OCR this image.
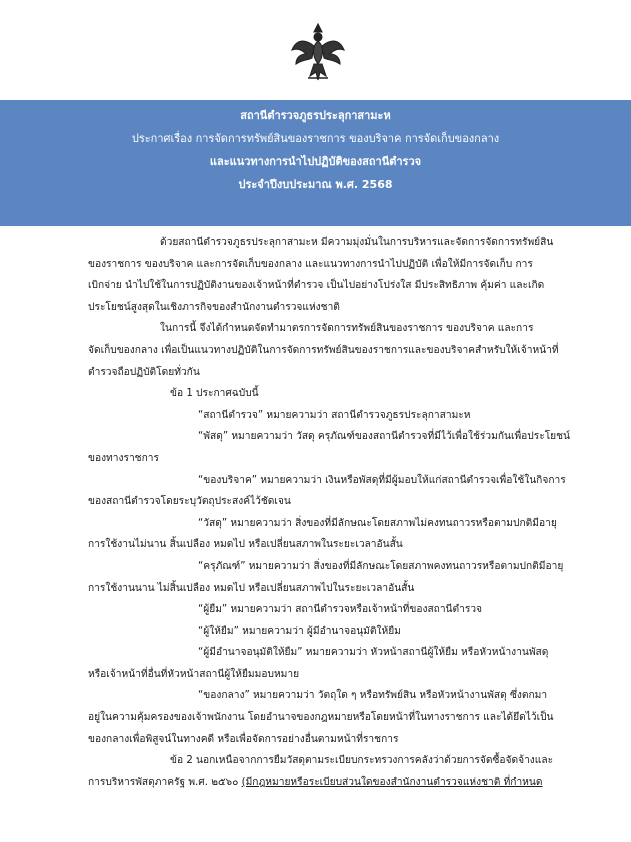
สถานีตำรวจภูธรประลุกาสามะห
ประกาศเรื่อง การจัดการทรัพย์สินของราชการ ของบริจาค การจัดเก็บของกลาง
และแนวทางการนำไปปฏิบัติของสถานีตำรวจ
ประจำปีงบประมาณ พ.ศ. 2568

ด้วยสถานีตำรวจภูธรประลุกาสามะห มีความมุ่งมั่นในการบริหารและจัดการจัดการทรัพย์สิน

ของราชการ ของบริจาค และการจัดเก็บของกลาง และแนวทางการนำไปปฏิบัติ เพื่อให้มีการจัดเก็บ การ

เบิกจ่าย นำไปใช้ในการปฏิบัติงานของเจ้าหน้าที่ตำรวจ เป็นไปอย่างโปร่งใส มีประสิทธิภาพ คุ้มค่า และเกิด

ประโยชน์สูงสุดในเชิงภารกิจของสำนักงานตำรวจแห่งชาติ

ในการนี้ จึงได้กำหนดจัดทำมาตรการจัดการทรัพย์สินของราชการ ของบริจาค และการ

จัดเก็บของกลาง เพื่อเป็นแนวทางปฏิบัติในการจัดการทรัพย์สินของราชการและของบริจาคสำหรับให้เจ้าหน้าที่

ตำรวจถือปฏิบัติโดยทั่วกัน

ข้อ 1 ประกาศฉบับนี้

“สถานีตำรวจ” หมายความว่า สถานีตำรวจภูธรประลุกาสามะห

“พัสดุ” หมายความว่า วัสดุ ครุภัณฑ์ของสถานีตำรวจที่มีไว้เพื่อใช้ร่วมกันเพื่อประโยชน์

ของทางราชการ

“ของบริจาค” หมายความว่า เงินหรือพัสดุที่มีผู้มอบให้แก่สถานีตำรวจเพื่อใช้ในกิจการ

ของสถานีตำรวจโดยระบุวัตถุประสงค์ไว้ชัดเจน

“วัสดุ” หมายความว่า สิ่งของที่มีลักษณะโดยสภาพไม่คงทนถาวรหรือตามปกติมีอายุ

การใช้งานไม่นาน สิ้นเปลือง หมดไป หรือเปลี่ยนสภาพในระยะเวลาอันสั้น

“ครุภัณฑ์” หมายความว่า สิ่งของที่มีลักษณะโดยสภาพคงทนถาวรหรือตามปกติมีอายุ

การใช้งานนาน ไม่สิ้นเปลือง หมดไป หรือเปลี่ยนสภาพไปในระยะเวลาอันสั้น

“ผู้ยืม” หมายความว่า สถานีตำรวจหรือเจ้าหน้าที่ของสถานีตำรวจ

“ผู้ให้ยืม” หมายความว่า ผู้มีอำนาจอนุมัติให้ยืม

“ผู้มีอำนาจอนุมัติให้ยืม” หมายความว่า หัวหน้าสถานีผู้ให้ยืม หรือหัวหน้างานพัสดุ

หรือเจ้าหน้าที่อื่นที่หัวหน้าสถานีผู้ให้ยืมมอบหมาย

“ของกลาง” หมายความว่า วัตถุใด ๆ หรือทรัพย์สิน หรือหัวหน้างานพัสดุ ซึ่งตกมา

อยู่ในความคุ้มครองของเจ้าพนักงาน โดยอำนาจของกฎหมายหรือโดยหน้าที่ในทางราชการ และได้ยึดไว้เป็น

ของกลางเพื่อพิสูจน์ในทางคดี หรือเพื่อจัดการอย่างอื่นตามหน้าที่ราชการ

ข้อ 2 นอกเหนือจากการยืมวัสดุตามระเบียบกระทรวงการคลังว่าด้วยการจัดซื้อจัดจ้างและ

การบริหารพัสดุภาครัฐ พ.ศ. ๒๕๖๐ (มีกฎหมายหรือระเบียบส่วนใดของสำนักงานตำรวจแห่งชาติ ที่กำหนด
